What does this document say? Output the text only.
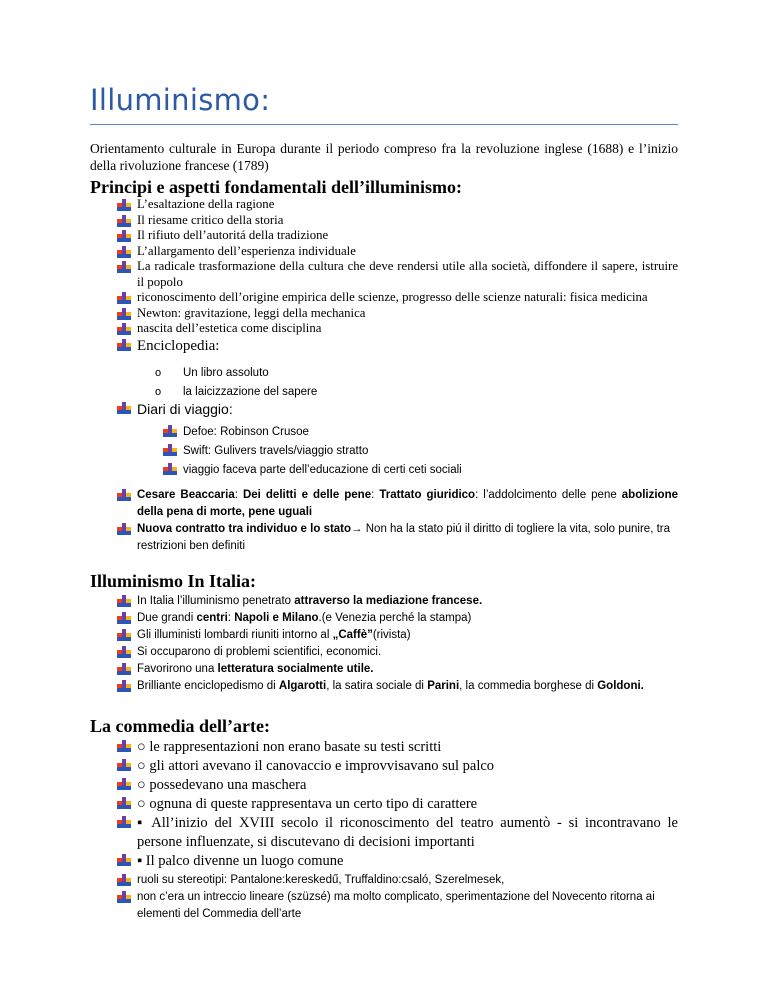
Illuminismo:
Orientamento culturale in Europa durante il periodo compreso fra la revoluzione inglese (1688) e l’inizio della rivoluzione francese (1789)
Principi e aspetti fondamentali dell’illuminismo:
L’esaltazione della ragione
Il riesame critico della storia
Il rifiuto dell’autoritá della tradizione
L’allargamento dell’esperienza individuale
La radicale trasformazione della cultura che deve rendersi utile alla società, diffondere il sapere, istruire il popolo
riconoscimento dell’origine empirica delle scienze, progresso delle scienze naturali: fisica medicina
Newton: gravitazione, leggi della mechanica
nascita dell’estetica come disciplina
Enciclopedia:
o Un libro assoluto
o la laicizzazione del sapere
Diari di viaggio:
Defoe: Robinson Crusoe
Swift: Gulivers travels/viaggio stratto
viaggio faceva parte dell’educazione di certi ceti sociali
Cesare Beaccaria: Dei delitti e delle pene: Trattato giuridico: l’addolcimento delle pene abolizione della pena di morte, pene uguali
Nuova contratto tra individuo e lo stato→ Non ha la stato piú il diritto di togliere la vita, solo punire, tra restrizioni ben definiti
Illuminismo In Italia:
In Italia l’illuminismo penetrato attraverso la mediazione francese.
Due grandi centri: Napoli e Milano.(e Venezia perché la stampa)
Gli illuministi lombardi riuniti intorno al „Caffè”(rivista)
Si occuparono di problemi scientifici, economici.
Favorirono una letteratura socialmente utile.
Brilliante enciclopedismo di Algarotti, la satira sociale di Parini, la commedia borghese di Goldoni.
La commedia dell’arte:
○ le rappresentazioni non erano basate su testi scritti
○ gli attori avevano il canovaccio e improvvisavano sul palco
○ possedevano una maschera
○ ognuna di queste rappresentava un certo tipo di carattere
▪ All’inizio del XVIII secolo il riconoscimento del teatro aumentò - si incontravano le persone influenzate, si discutevano di decisioni importanti
▪ Il palco divenne un luogo comune
ruoli su stereotipi: Pantalone:kereskedű, Truffaldino:csaló, Szerelmesek,
non c’era un intreccio lineare (szüzsé) ma molto complicato, sperimentazione del Novecento ritorna ai elementi del Commedia dell’arte
